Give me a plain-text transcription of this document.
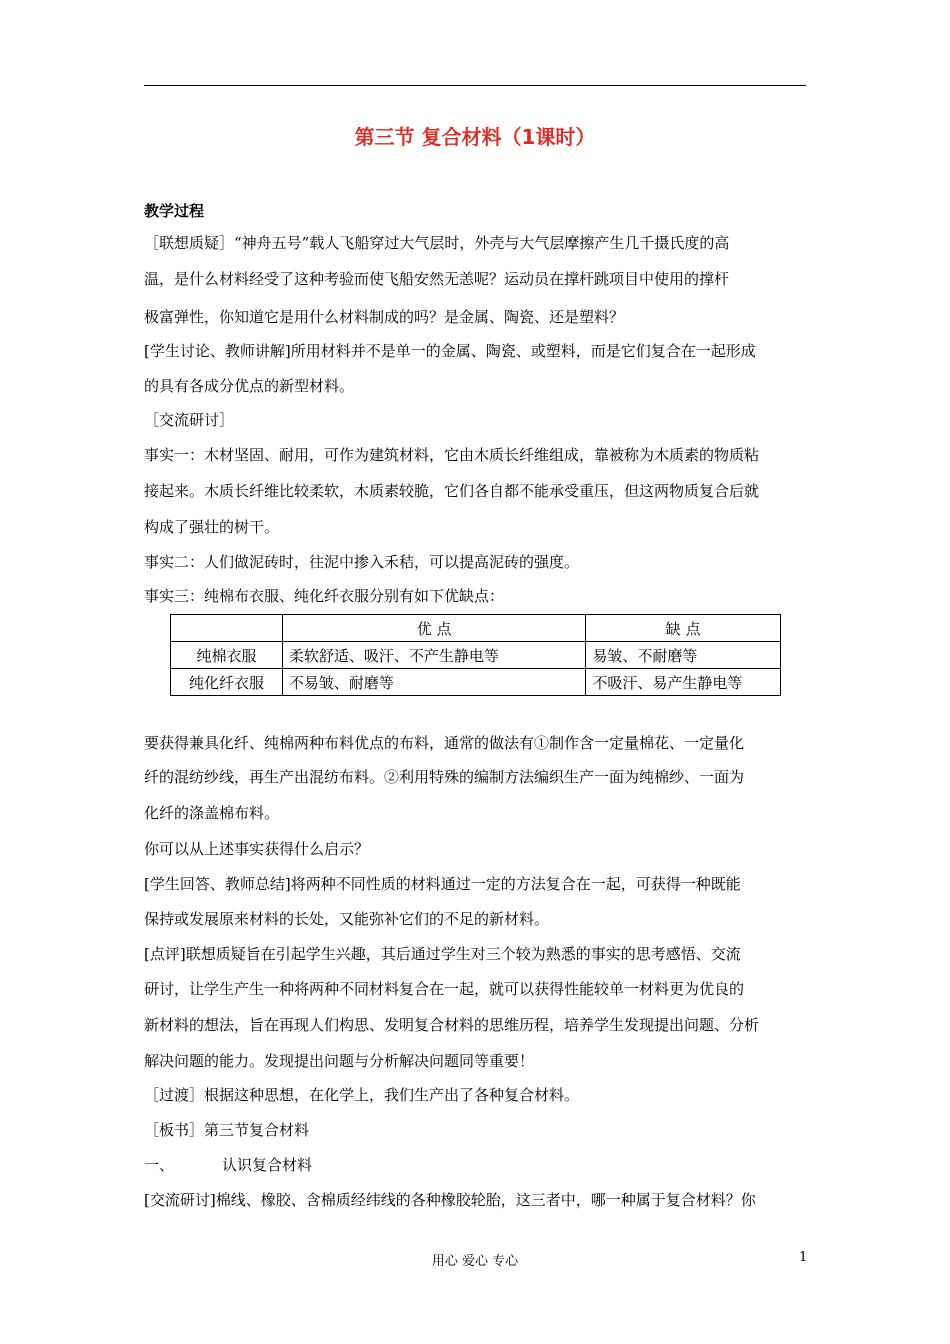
第三节 复合材料（1课时）
教学过程
［联想质疑］“神舟五号”载人飞船穿过大气层时，外壳与大气层摩擦产生几千摄氏度的高
温，是什么材料经受了这种考验而使飞船安然无恙呢？运动员在撑杆跳项目中使用的撑杆
极富弹性，你知道它是用什么材料制成的吗？是金属、陶瓷、还是塑料？
[学生讨论、教师讲解]所用材料并不是单一的金属、陶瓷、或塑料，而是它们复合在一起形成
的具有各成分优点的新型材料。
［交流研讨］
事实一：木材坚固、耐用，可作为建筑材料，它由木质长纤维组成，靠被称为木质素的物质粘
接起来。木质长纤维比较柔软，木质素较脆，它们各自都不能承受重压，但这两物质复合后就
构成了强壮的树干。
事实二：人们做泥砖时，往泥中掺入禾秸，可以提高泥砖的强度。
事实三：纯棉布衣服、纯化纤衣服分别有如下优缺点：
	优 点	缺 点
纯棉衣服	柔软舒适、吸汗、不产生静电等	易皱、不耐磨等
纯化纤衣服	不易皱、耐磨等	不吸汗、易产生静电等
要获得兼具化纤、纯棉两种布料优点的布料，通常的做法有①制作含一定量棉花、一定量化
纤的混纺纱线，再生产出混纺布料。②利用特殊的编制方法编织生产一面为纯棉纱、一面为
化纤的涤盖棉布料。
你可以从上述事实获得什么启示？
[学生回答、教师总结]将两种不同性质的材料通过一定的方法复合在一起，可获得一种既能
保持或发展原来材料的长处，又能弥补它们的不足的新材料。
[点评]联想质疑旨在引起学生兴趣，其后通过学生对三个较为熟悉的事实的思考感悟、交流
研讨，让学生产生一种将两种不同材料复合在一起，就可以获得性能较单一材料更为优良的
新材料的想法，旨在再现人们构思、发明复合材料的思维历程，培养学生发现提出问题、分析
解决问题的能力。发现提出问题与分析解决问题同等重要！
［过渡］根据这种思想，在化学上，我们生产出了各种复合材料。
［板书］第三节复合材料
一、	认识复合材料
[交流研讨]棉线、橡胶、含棉质经纬线的各种橡胶轮胎，这三者中，哪一种属于复合材料？你
用心 爱心 专心	1
